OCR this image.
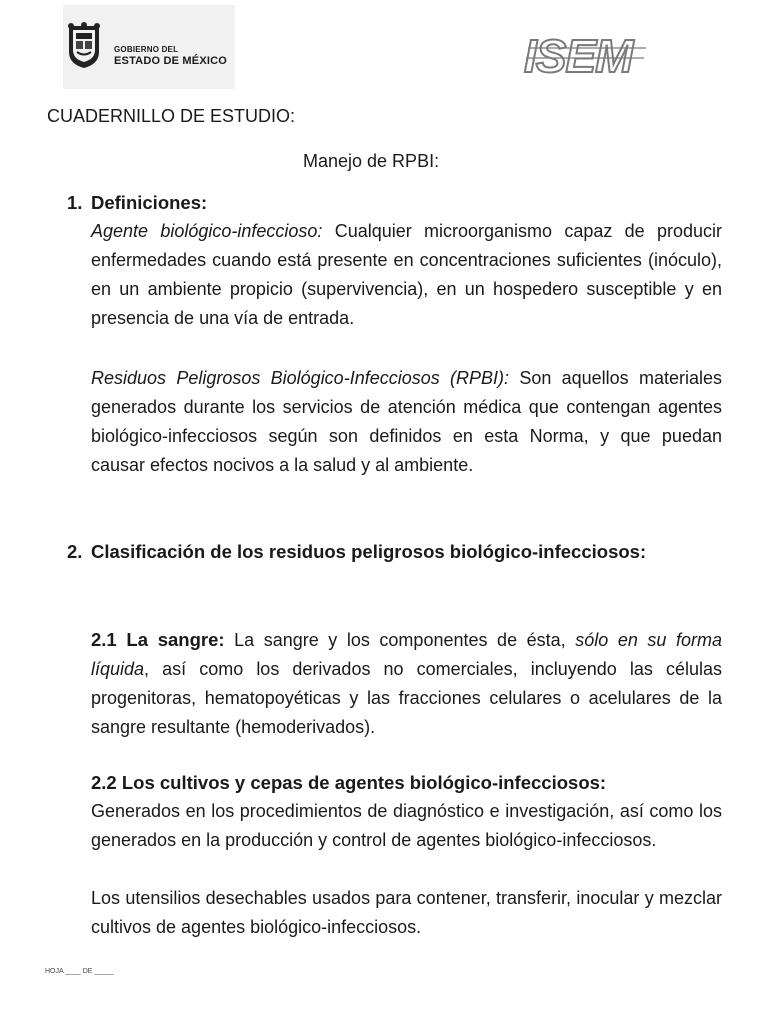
GOBIERNO DEL
ESTADO DE MÉXICO	ISEM
CUADERNILLO DE ESTUDIO:
Manejo de RPBI:
1. Definiciones:
Agente biológico-infeccioso: Cualquier microorganismo capaz de producir enfermedades cuando está presente en concentraciones suficientes (inóculo), en un ambiente propicio (supervivencia), en un hospedero susceptible y en presencia de una vía de entrada.
Residuos Peligrosos Biológico-Infecciosos (RPBI): Son aquellos materiales generados durante los servicios de atención médica que contengan agentes biológico-infecciosos según son definidos en esta Norma, y que puedan causar efectos nocivos a la salud y al ambiente.
2. Clasificación de los residuos peligrosos biológico-infecciosos:
2.1 La sangre: La sangre y los componentes de ésta, sólo en su forma líquida, así como los derivados no comerciales, incluyendo las células progenitoras, hematopoyéticas y las fracciones celulares o acelulares de la sangre resultante (hemoderivados).
2.2 Los cultivos y cepas de agentes biológico-infecciosos:
Generados en los procedimientos de diagnóstico e investigación, así como los generados en la producción y control de agentes biológico-infecciosos.
Los utensilios desechables usados para contener, transferir, inocular y mezclar cultivos de agentes biológico-infecciosos.
HOJA ____ DE _____
